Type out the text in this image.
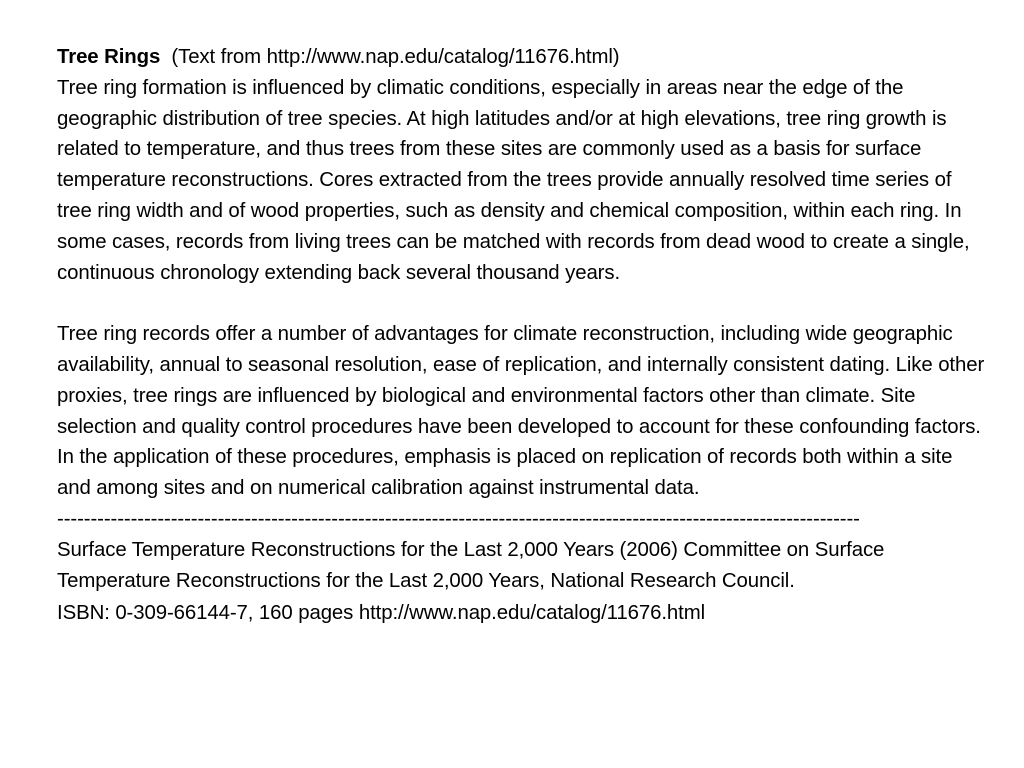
Tree Rings (Text from http://www.nap.edu/catalog/11676.html)

Tree ring formation is influenced by climatic conditions, especially in areas near the edge of the geographic distribution of tree species. At high latitudes and/or at high elevations, tree ring growth is related to temperature, and thus trees from these sites are commonly used as a basis for surface temperature reconstructions. Cores extracted from the trees provide annually resolved time series of tree ring width and of wood properties, such as density and chemical composition, within each ring. In some cases, records from living trees can be matched with records from dead wood to create a single, continuous chronology extending back several thousand years.

Tree ring records offer a number of advantages for climate reconstruction, including wide geographic availability, annual to seasonal resolution, ease of replication, and internally consistent dating. Like other proxies, tree rings are influenced by biological and environmental factors other than climate. Site selection and quality control procedures have been developed to account for these confounding factors. In the application of these procedures, emphasis is placed on replication of records both within a site and among sites and on numerical calibration against instrumental data.

------------------------------------------------------------------------------------------------------------------------

Surface Temperature Reconstructions for the Last 2,000 Years (2006) Committee on Surface Temperature Reconstructions for the Last 2,000 Years, National Research Council.

ISBN: 0-309-66144-7, 160 pages http://www.nap.edu/catalog/11676.html
